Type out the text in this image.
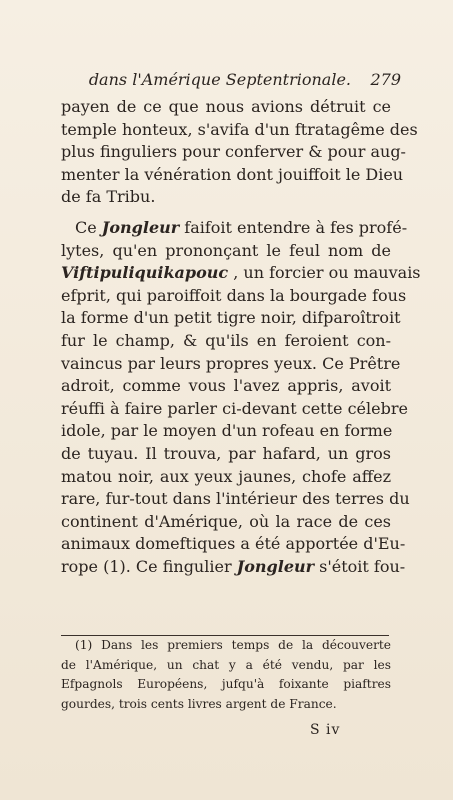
dans l'Amérique Septentrionale. 279
payen de ce que nous avions détruit ce
temple honteux, s'avifa d'un ftratagême des
plus finguliers pour conferver & pour aug-
menter la vénération dont jouiffoit le Dieu
de fa Tribu.
Ce Jongleur faifoit entendre à fes profé-
lytes, qu'en prononçant le feul nom de
Viftipuliquikapouc , un forcier ou mauvais
efprit, qui paroiffoit dans la bourgade fous
la forme d'un petit tigre noir, difparoîtroit
fur le champ, & qu'ils en feroient con-
vaincus par leurs propres yeux. Ce Prêtre
adroit, comme vous l'avez appris, avoit
réuffi à faire parler ci-devant cette célebre
idole, par le moyen d'un rofeau en forme
de tuyau. Il trouva, par hafard, un gros
matou noir, aux yeux jaunes, chofe affez
rare, fur-tout dans l'intérieur des terres du
continent d'Amérique, où la race de ces
animaux domeftiques a été apportée d'Eu-
rope (1). Ce fingulier Jongleur s'étoit fou-
(1) Dans les premiers temps de la découverte
de l'Amérique, un chat y a été vendu, par les
Efpagnols Européens, jufqu'à foixante piaftres
gourdes, trois cents livres argent de France.
S iv
